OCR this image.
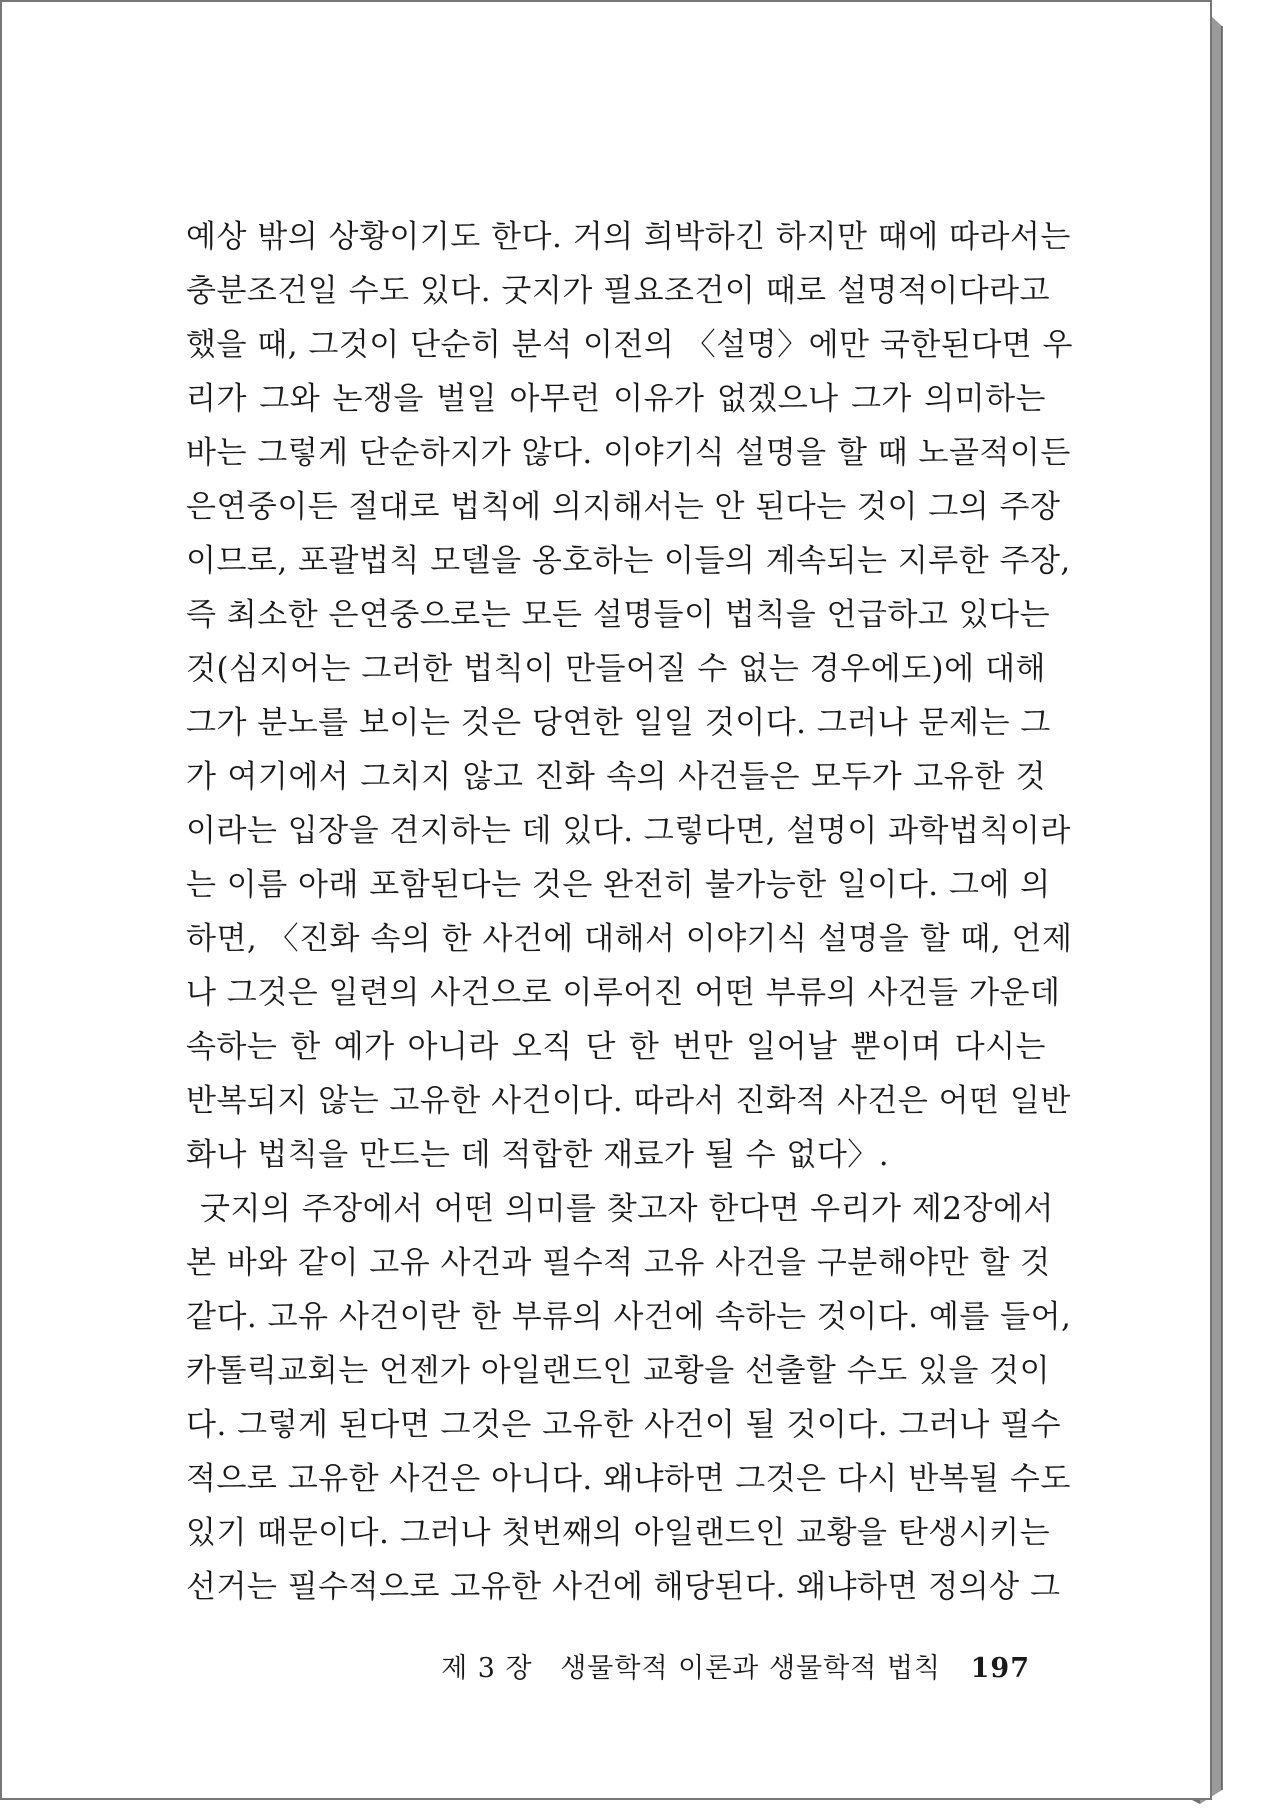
예상 밖의 상황이기도 한다. 거의 희박하긴 하지만 때에 따라서는
충분조건일 수도 있다. 굿지가 필요조건이 때로 설명적이다라고
했을 때, 그것이 단순히 분석 이전의 〈설명〉에만 국한된다면 우
리가 그와 논쟁을 벌일 아무런 이유가 없겠으나 그가 의미하는
바는 그렇게 단순하지가 않다. 이야기식 설명을 할 때 노골적이든
은연중이든 절대로 법칙에 의지해서는 안 된다는 것이 그의 주장
이므로, 포괄법칙 모델을 옹호하는 이들의 계속되는 지루한 주장,
즉 최소한 은연중으로는 모든 설명들이 법칙을 언급하고 있다는
것(심지어는 그러한 법칙이 만들어질 수 없는 경우에도)에 대해
그가 분노를 보이는 것은 당연한 일일 것이다. 그러나 문제는 그
가 여기에서 그치지 않고 진화 속의 사건들은 모두가 고유한 것
이라는 입장을 견지하는 데 있다. 그렇다면, 설명이 과학법칙이라
는 이름 아래 포함된다는 것은 완전히 불가능한 일이다. 그에 의
하면, 〈진화 속의 한 사건에 대해서 이야기식 설명을 할 때, 언제
나 그것은 일련의 사건으로 이루어진 어떤 부류의 사건들 가운데
속하는 한 예가 아니라 오직 단 한 번만 일어날 뿐이며 다시는
반복되지 않는 고유한 사건이다. 따라서 진화적 사건은 어떤 일반
화나 법칙을 만드는 데 적합한 재료가 될 수 없다〉.
굿지의 주장에서 어떤 의미를 찾고자 한다면 우리가 제2장에서
본 바와 같이 고유 사건과 필수적 고유 사건을 구분해야만 할 것
같다. 고유 사건이란 한 부류의 사건에 속하는 것이다. 예를 들어,
카톨릭교회는 언젠가 아일랜드인 교황을 선출할 수도 있을 것이
다. 그렇게 된다면 그것은 고유한 사건이 될 것이다. 그러나 필수
적으로 고유한 사건은 아니다. 왜냐하면 그것은 다시 반복될 수도
있기 때문이다. 그러나 첫번째의 아일랜드인 교황을 탄생시키는
선거는 필수적으로 고유한 사건에 해당된다. 왜냐하면 정의상 그
제 3 장 생물학적 이론과 생물학적 법칙 197
